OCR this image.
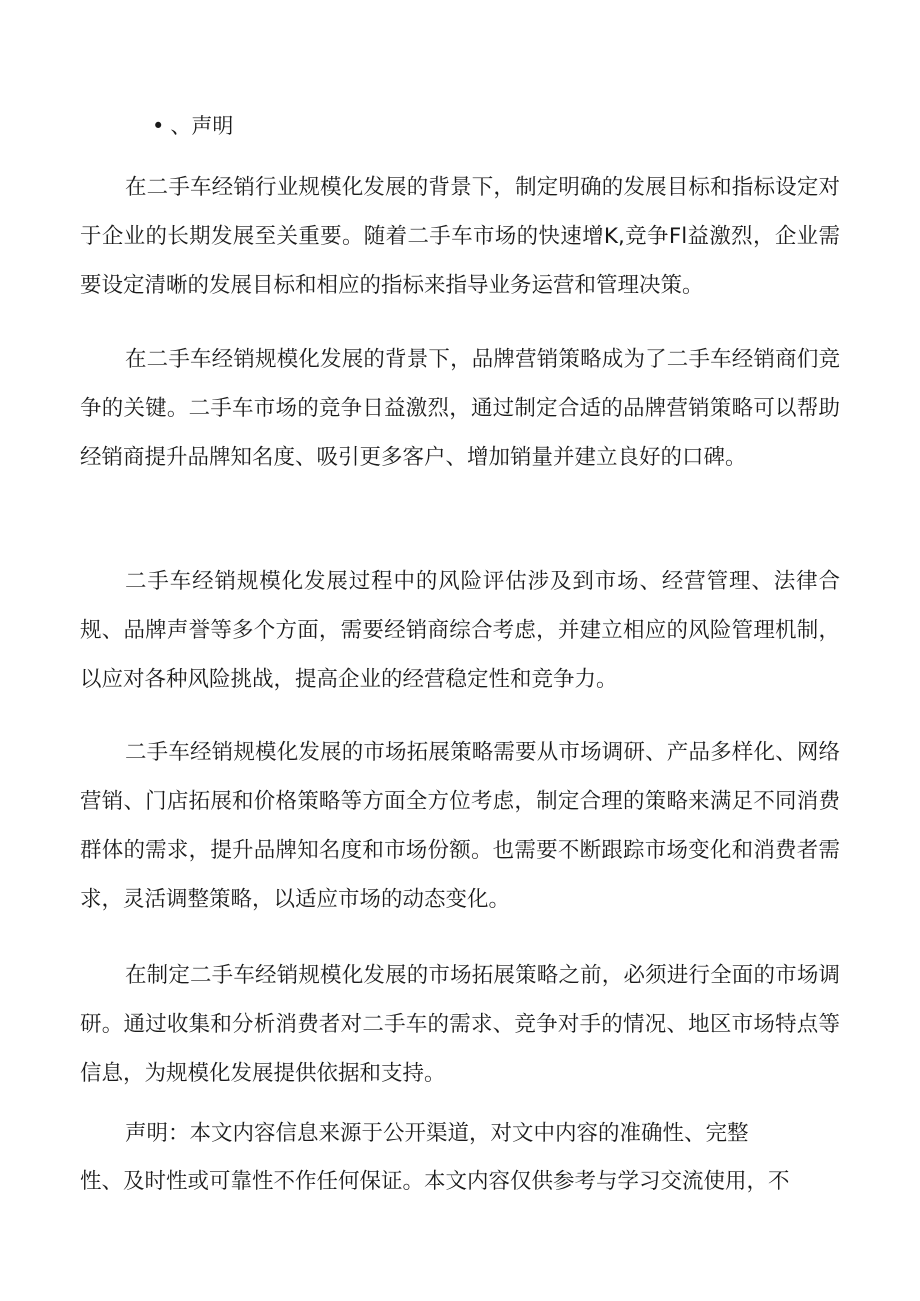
• 、声明

在二手车经销行业规模化发展的背景下，制定明确的发展目标和指标设定对于企业的长期发展至关重要。随着二手车市场的快速增K,竞争Fl益激烈，企业需要设定清晰的发展目标和相应的指标来指导业务运营和管理决策。

在二手车经销规模化发展的背景下，品牌营销策略成为了二手车经销商们竞争的关键。二手车市场的竞争日益激烈，通过制定合适的品牌营销策略可以帮助经销商提升品牌知名度、吸引更多客户、增加销量并建立良好的口碑。

二手车经销规模化发展过程中的风险评估涉及到市场、经营管理、法律合规、品牌声誉等多个方面，需要经销商综合考虑，并建立相应的风险管理机制，以应对各种风险挑战，提高企业的经营稳定性和竞争力。

二手车经销规模化发展的市场拓展策略需要从市场调研、产品多样化、网络营销、门店拓展和价格策略等方面全方位考虑，制定合理的策略来满足不同消费群体的需求，提升品牌知名度和市场份额。也需要不断跟踪市场变化和消费者需求，灵活调整策略，以适应市场的动态变化。

在制定二手车经销规模化发展的市场拓展策略之前，必须进行全面的市场调研。通过收集和分析消费者对二手车的需求、竞争对手的情况、地区市场特点等信息，为规模化发展提供依据和支持。

声明：本文内容信息来源于公开渠道，对文中内容的准确性、完整
性、及时性或可靠性不作任何保证。本文内容仅供参考与学习交流使用，不
